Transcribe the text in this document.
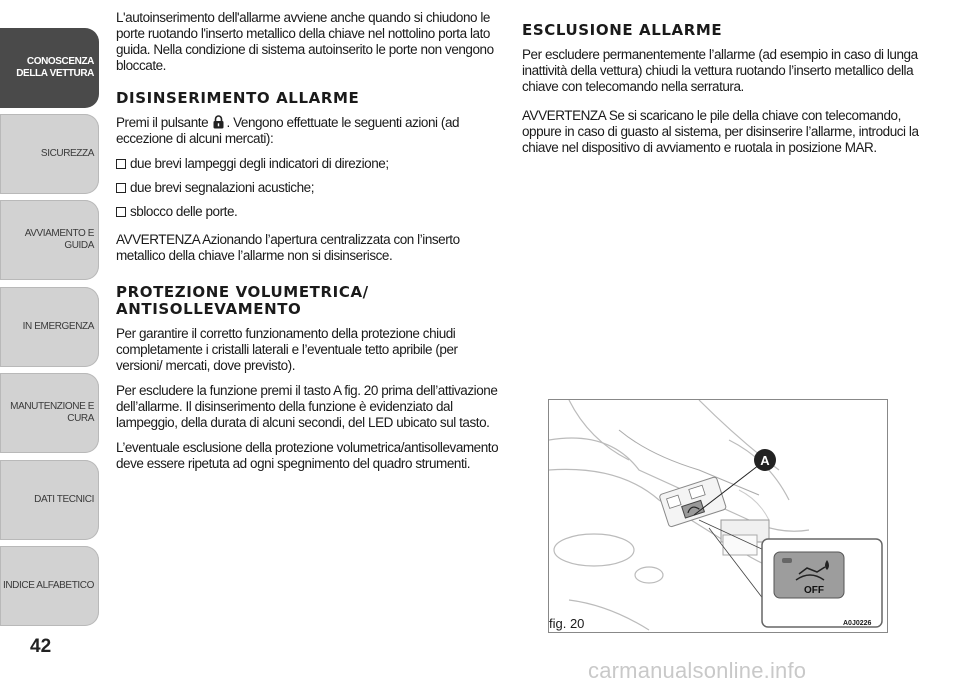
CONOSCENZA
DELLA VETTURA
SICUREZZA
AVVIAMENTO E
GUIDA
IN EMERGENZA
MANUTENZIONE E
CURA
DATI TECNICI
INDICE ALFABETICO
42

L'autoinserimento dell'allarme avviene anche quando si chiudono le porte ruotando l'inserto metallico della chiave nel nottolino porta lato guida. Nella condizione di sistema autoinserito le porte non vengono bloccate.

DISINSERIMENTO ALLARME

Premi il pulsante . Vengono effettuate le seguenti azioni (ad eccezione di alcuni mercati):

due brevi lampeggi degli indicatori di direzione;
due brevi segnalazioni acustiche;
sblocco delle porte.

AVVERTENZA Azionando l’apertura centralizzata con l’inserto metallico della chiave l’allarme non si disinserisce.

PROTEZIONE VOLUMETRICA/ ANTISOLLEVAMENTO

Per garantire il corretto funzionamento della protezione chiudi completamente i cristalli laterali e l’eventuale tetto apribile (per versioni/ mercati, dove previsto).

Per escludere la funzione premi il tasto A fig. 20 prima dell’attivazione dell’allarme. Il disinserimento della funzione è evidenziato dal lampeggio, della durata di alcuni secondi, del LED ubicato sul tasto.

L’eventuale esclusione della protezione volumetrica/antisollevamento deve essere ripetuta ad ogni spegnimento del quadro strumenti.

ESCLUSIONE ALLARME

Per escludere permanentemente l’allarme (ad esempio in caso di lunga inattività della vettura) chiudi la vettura ruotando l’inserto metallico della chiave con telecomando nella serratura.

AVVERTENZA Se si scaricano le pile della chiave con telecomando, oppure in caso di guasto al sistema, per disinserire l’allarme, introduci la chiave nel dispositivo di avviamento e ruotala in posizione MAR.

A
OFF
fig. 20	A0J0226
carmanualsonline.info
